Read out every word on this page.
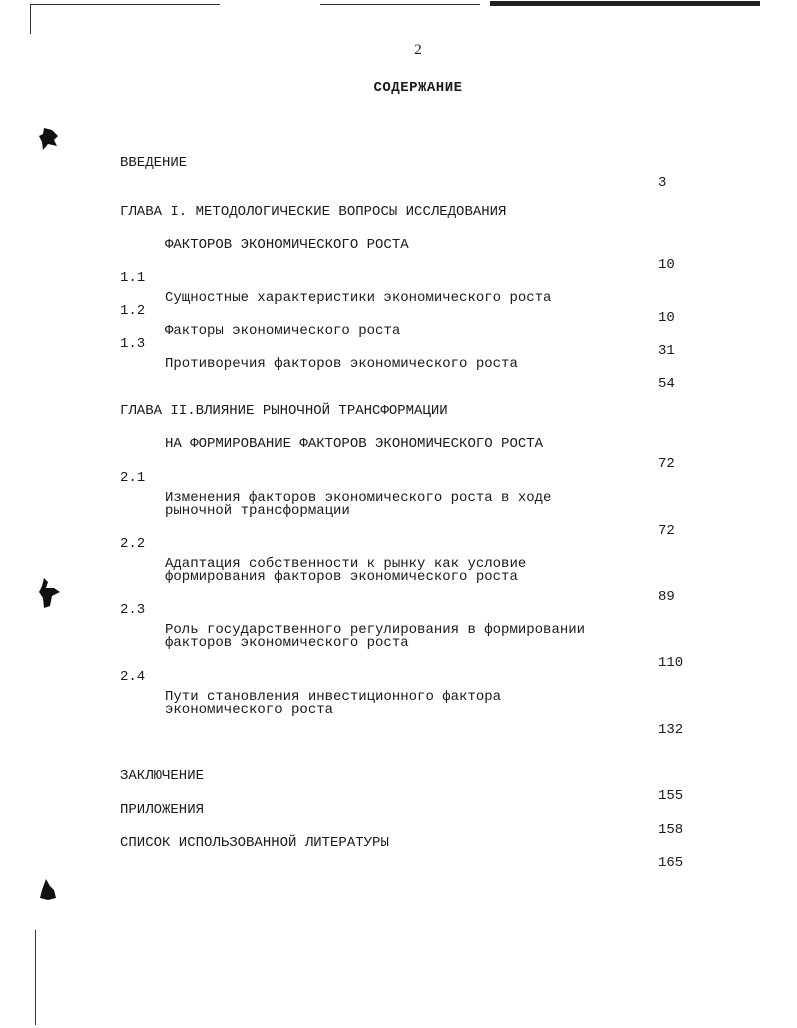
2
СОДЕРЖАНИЕ

ВВЕДЕНИЕ

3

ГЛАВА I. МЕТОДОЛОГИЧЕСКИЕ ВОПРОСЫ ИССЛЕДОВАНИЯ

ФАКТОРОВ ЭКОНОМИЧЕСКОГО РОСТА

10

1.1

Сущностные характеристики экономического роста

10

1.2

Факторы экономического роста

31

1.3

Противоречия факторов экономического роста

54

ГЛАВА II.ВЛИЯНИЕ РЫНОЧНОЙ ТРАНСФОРМАЦИИ

НА ФОРМИРОВАНИЕ ФАКТОРОВ ЭКОНОМИЧЕСКОГО РОСТА

72

2.1

Изменения факторов экономического роста в ходе

рыночной трансформации

72

2.2

Адаптация собственности к рынку как условие

формирования факторов экономического роста

89

2.3

Роль государственного регулирования в формировании

факторов экономического роста

110

2.4

Пути становления инвестиционного фактора

экономического роста

132

ЗАКЛЮЧЕНИЕ

155

ПРИЛОЖЕНИЯ

158

СПИСОК ИСПОЛЬЗОВАННОЙ ЛИТЕРАТУРЫ

165
